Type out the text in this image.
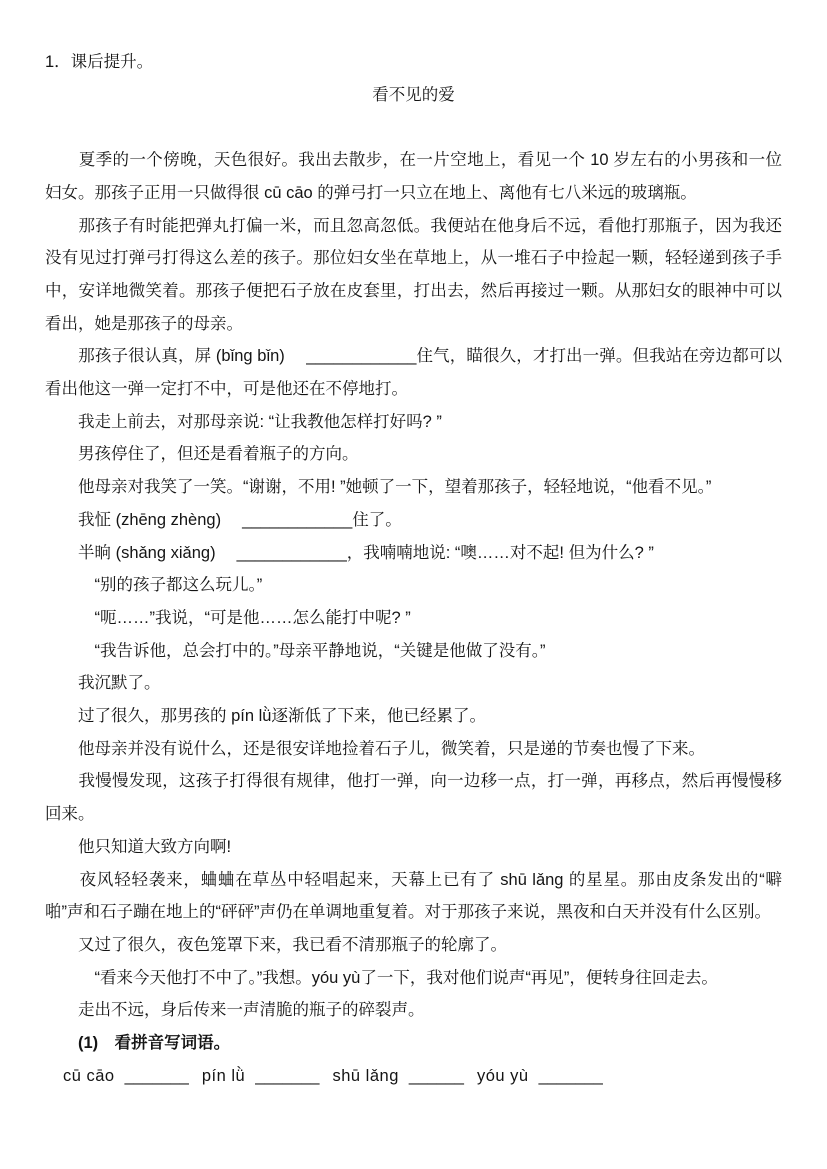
1．课后提升。

看不见的爱

　　夏季的一个傍晚，天色很好。我出去散步，在一片空地上，看见一个 10 岁左右的小男孩和一位妇女。那孩子正用一只做得很 cū cāo 的弹弓打一只立在地上、离他有七八米远的玻璃瓶。

　　那孩子有时能把弹丸打偏一米，而且忽高忽低。我便站在他身后不远，看他打那瓶子，因为我还没有见过打弹弓打得这么差的孩子。那位妇女坐在草地上，从一堆石子中捡起一颗，轻轻递到孩子手中，安详地微笑着。那孩子便把石子放在皮套里，打出去，然后再接过一颗。从那妇女的眼神中可以看出，她是那孩子的母亲。

　　那孩子很认真，屏 (bǐng bǐn)　 ____________住气，瞄很久，才打出一弹。但我站在旁边都可以看出他这一弹一定打不中，可是他还在不停地打。

　　我走上前去，对那母亲说: “让我教他怎样打好吗? ”

　　男孩停住了，但还是看着瓶子的方向。

　　他母亲对我笑了一笑。“谢谢，不用! ”她顿了一下，望着那孩子，轻轻地说，“他看不见。”

　　我怔 (zhēng zhèng)　 ____________住了。

　　半晌 (shǎng xiǎng)　 ____________，我喃喃地说: “噢……对不起! 但为什么? ”

　　　“别的孩子都这么玩儿。”

　　　“呃……”我说，“可是他……怎么能打中呢? ”

　　　“我告诉他，总会打中的。”母亲平静地说，“关键是他做了没有。”

　　我沉默了。

　　过了很久，那男孩的 pín lǜ逐渐低了下来，他已经累了。

　　他母亲并没有说什么，还是很安详地捡着石子儿，微笑着，只是递的节奏也慢了下来。

　　我慢慢发现，这孩子打得很有规律，他打一弹，向一边移一点，打一弹，再移点，然后再慢慢移回来。

　　他只知道大致方向啊!

　　夜风轻轻袭来，蛐蛐在草丛中轻唱起来，天幕上已有了 shū lǎng 的星星。那由皮条发出的“噼啪”声和石子蹦在地上的“砰砰”声仍在单调地重复着。对于那孩子来说，黑夜和白天并没有什么区别。

　　又过了很久，夜色笼罩下来，我已看不清那瓶子的轮廓了。

　　　“看来今天他打不中了。”我想。yóu yù了一下，我对他们说声“再见”，便转身往回走去。

　　走出不远，身后传来一声清脆的瓶子的碎裂声。

　　(1)　看拼音写词语。

cū cāo _______ pín lǜ _______ shū lǎng ______ yóu yù _______
